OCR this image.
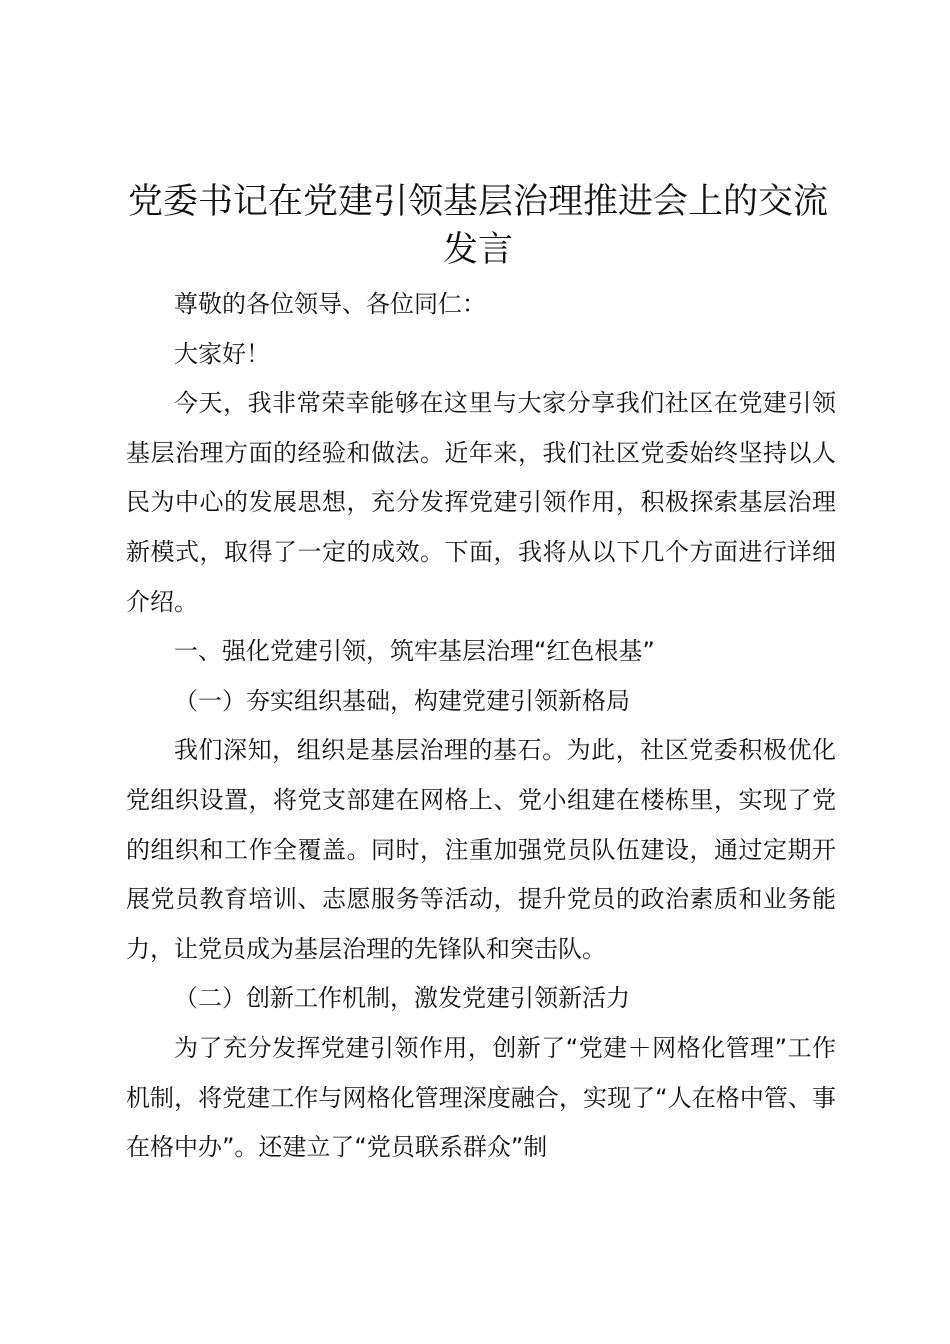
党委书记在党建引领基层治理推进会上的交流发言

尊敬的各位领导、各位同仁：

大家好！

今天，我非常荣幸能够在这里与大家分享我们社区在党建引领基层治理方面的经验和做法。近年来，我们社区党委始终坚持以人民为中心的发展思想，充分发挥党建引领作用，积极探索基层治理新模式，取得了一定的成效。下面，我将从以下几个方面进行详细介绍。

一、强化党建引领，筑牢基层治理“红色根基”

（一）夯实组织基础，构建党建引领新格局

我们深知，组织是基层治理的基石。为此，社区党委积极优化党组织设置，将党支部建在网格上、党小组建在楼栋里，实现了党的组织和工作全覆盖。同时，注重加强党员队伍建设，通过定期开展党员教育培训、志愿服务等活动，提升党员的政治素质和业务能力，让党员成为基层治理的先锋队和突击队。

（二）创新工作机制，激发党建引领新活力

为了充分发挥党建引领作用，创新了“党建＋网格化管理”工作机制，将党建工作与网格化管理深度融合，实现了“人在格中管、事在格中办”。还建立了“党员联系群众”制
